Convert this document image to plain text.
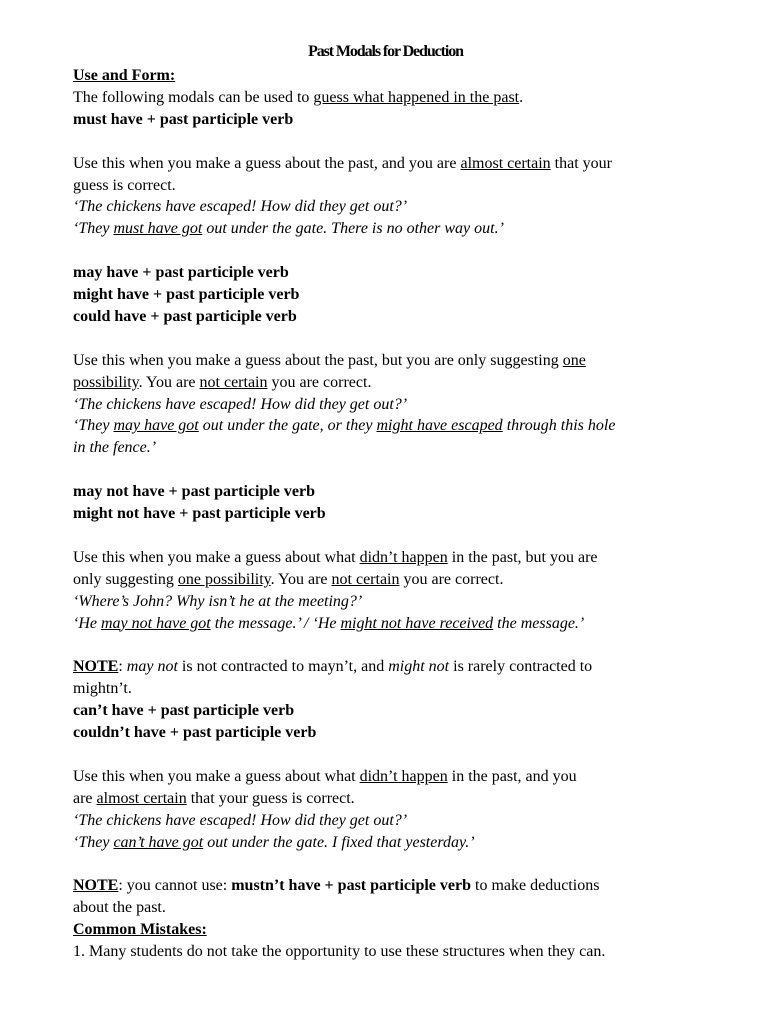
Past Modals for Deduction
Use and Form:
The following modals can be used to guess what happened in the past.
must have + past participle verb
Use this when you make a guess about the past, and you are almost certain that your
guess is correct.
‘The chickens have escaped! How did they get out?’
‘They must have got out under the gate. There is no other way out.’
may have + past participle verb
might have + past participle verb
could have + past participle verb
Use this when you make a guess about the past, but you are only suggesting one
possibility. You are not certain you are correct.
‘The chickens have escaped! How did they get out?’
‘They may have got out under the gate, or they might have escaped through this hole
in the fence.’
may not have + past participle verb
might not have + past participle verb
Use this when you make a guess about what didn’t happen in the past, but you are
only suggesting one possibility. You are not certain you are correct.
‘Where’s John? Why isn’t he at the meeting?’
‘He may not have got the message.’ / ‘He might not have received the message.’
NOTE: may not is not contracted to mayn’t, and might not is rarely contracted to
mightn’t.
can’t have + past participle verb
couldn’t have + past participle verb
Use this when you make a guess about what didn’t happen in the past, and you
are almost certain that your guess is correct.
‘The chickens have escaped! How did they get out?’
‘They can’t have got out under the gate. I fixed that yesterday.’
NOTE: you cannot use: mustn’t have + past participle verb to make deductions
about the past.
Common Mistakes:
1. Many students do not take the opportunity to use these structures when they can.
